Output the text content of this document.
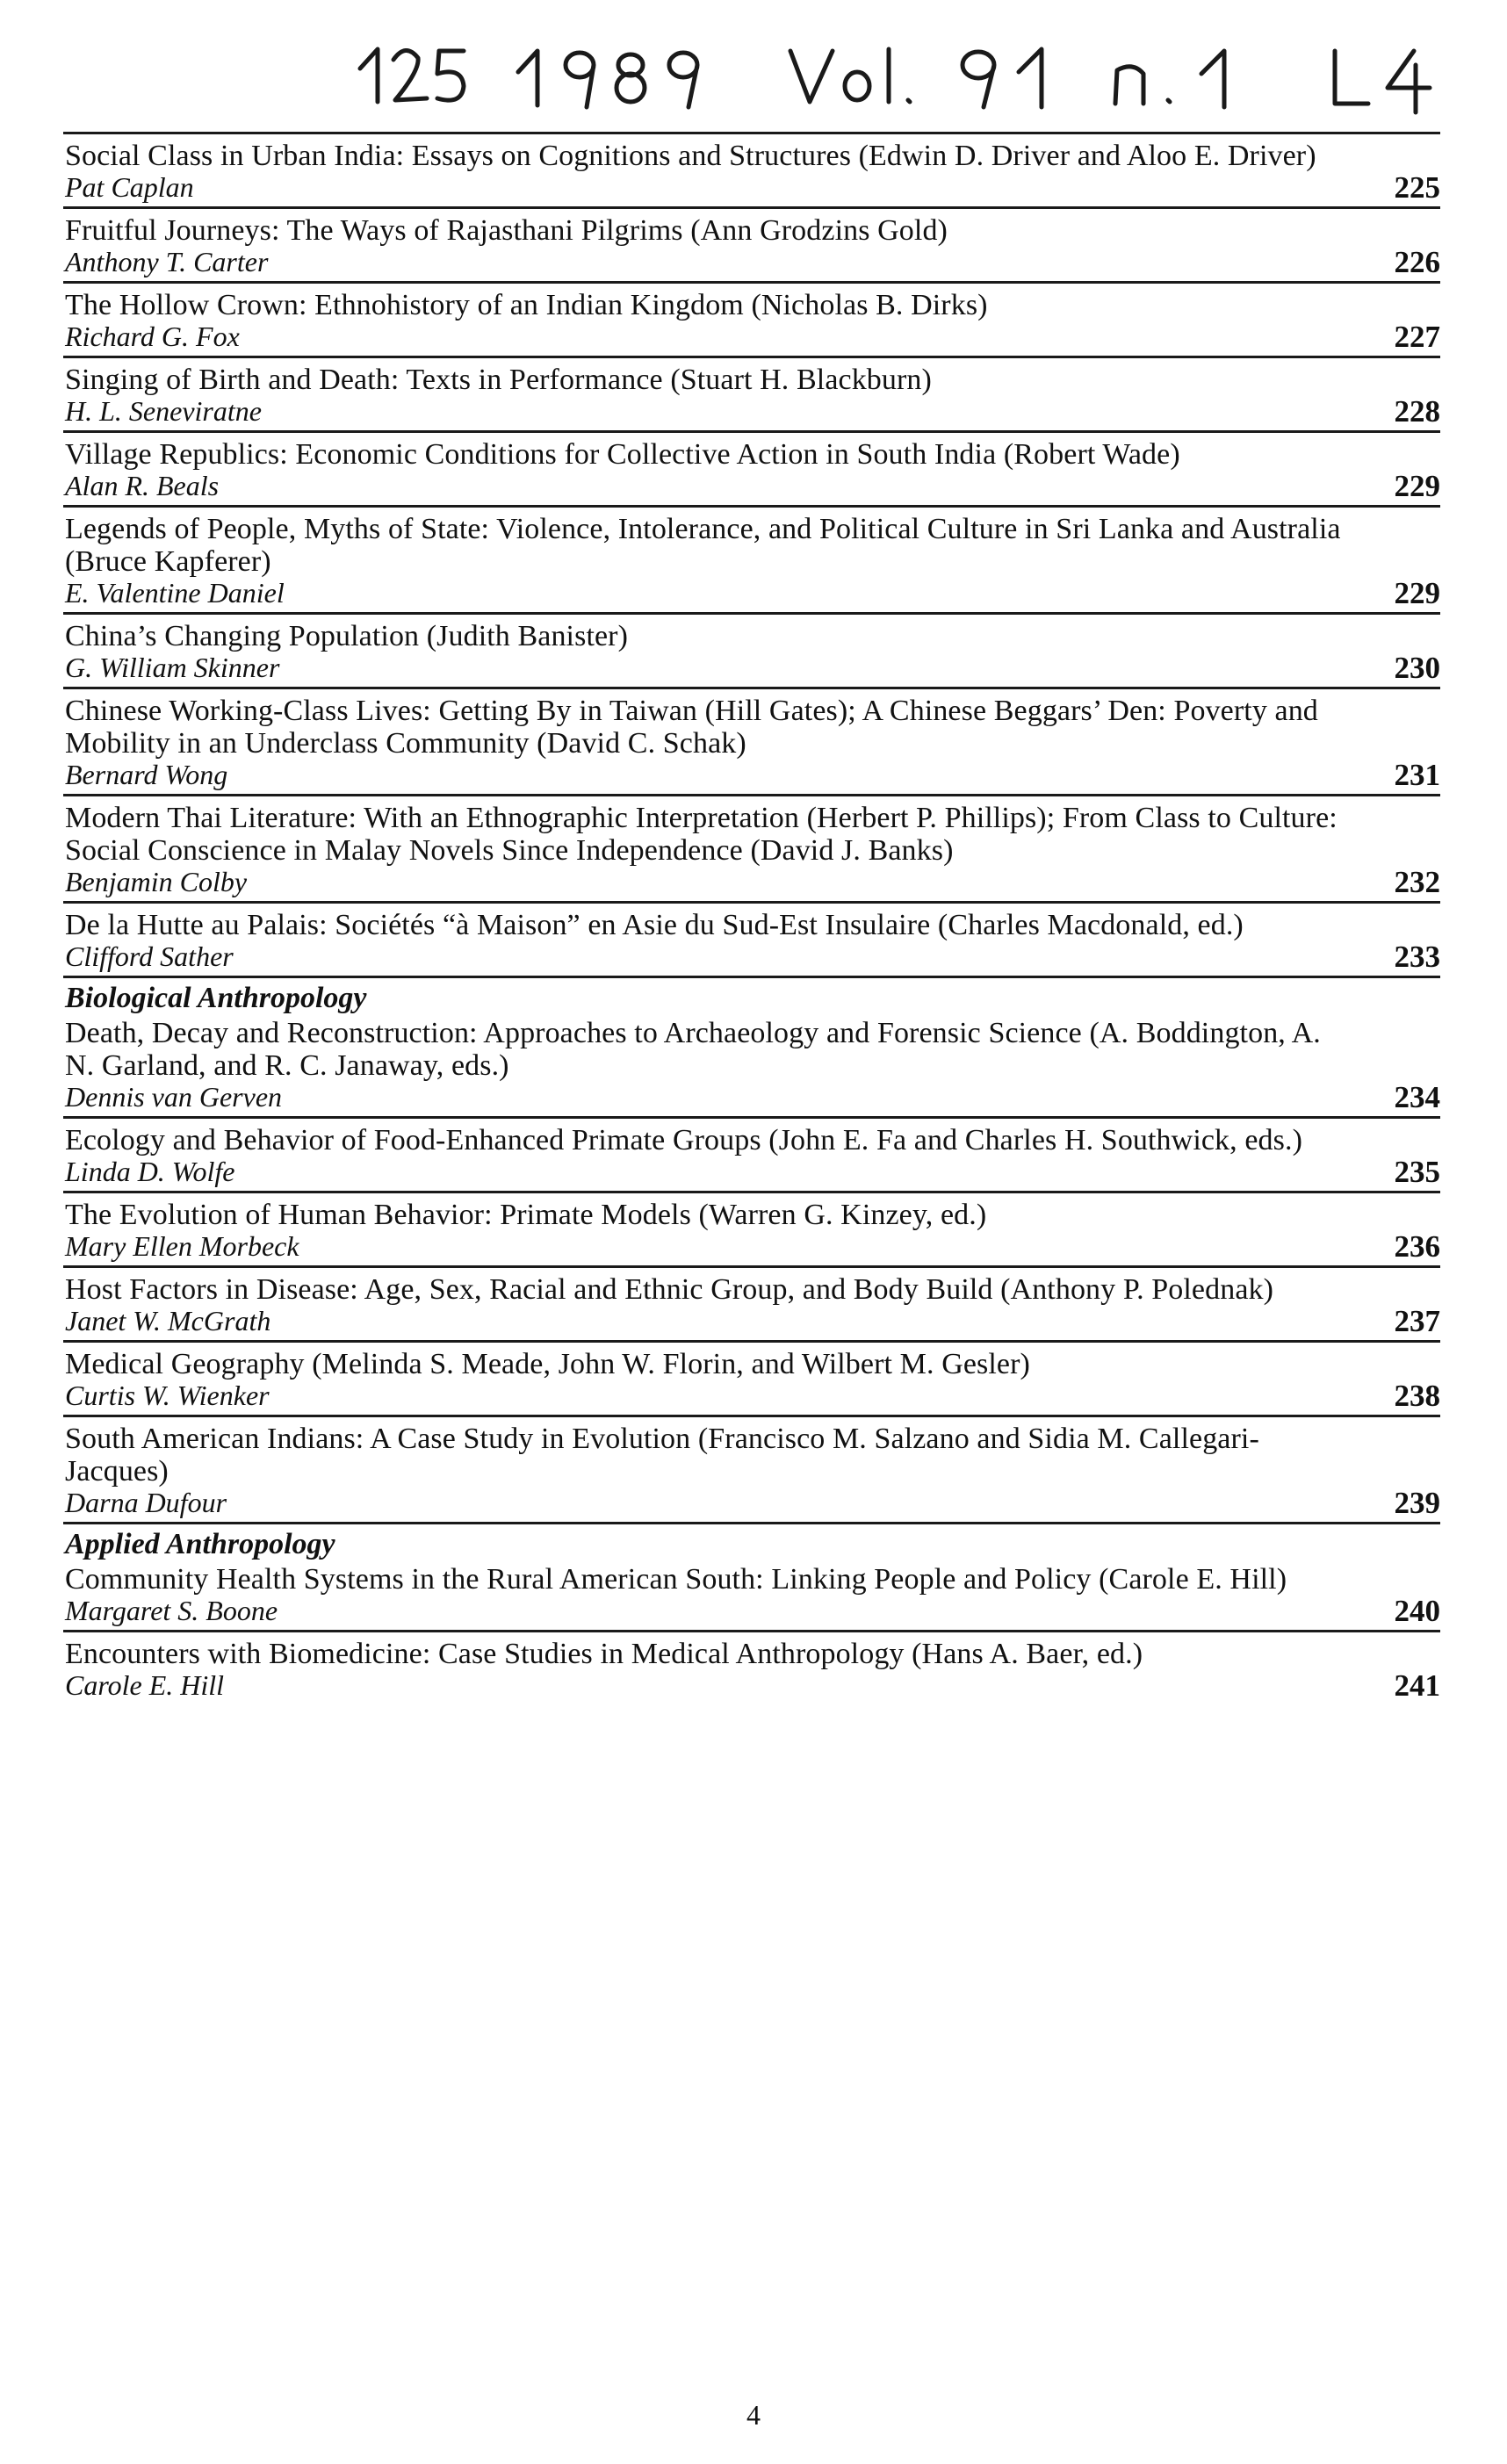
Social Class in Urban India: Essays on Cognitions and Structures (Edwin D. Driver and Aloo E. Driver)
Pat Caplan	225
Fruitful Journeys: The Ways of Rajasthani Pilgrims (Ann Grodzins Gold)
Anthony T. Carter	226
The Hollow Crown: Ethnohistory of an Indian Kingdom (Nicholas B. Dirks)
Richard G. Fox	227
Singing of Birth and Death: Texts in Performance (Stuart H. Blackburn)
H. L. Seneviratne	228
Village Republics: Economic Conditions for Collective Action in South India (Robert Wade)
Alan R. Beals	229
Legends of People, Myths of State: Violence, Intolerance, and Political Culture in Sri Lanka and Australia (Bruce Kapferer)
E. Valentine Daniel	229
China’s Changing Population (Judith Banister)
G. William Skinner	230
Chinese Working-Class Lives: Getting By in Taiwan (Hill Gates); A Chinese Beggars’ Den: Poverty and Mobility in an Underclass Community (David C. Schak)
Bernard Wong	231
Modern Thai Literature: With an Ethnographic Interpretation (Herbert P. Phillips); From Class to Culture: Social Conscience in Malay Novels Since Independence (David J. Banks)
Benjamin Colby	232
De la Hutte au Palais: Sociétés “à Maison” en Asie du Sud-Est Insulaire (Charles Macdonald, ed.)
Clifford Sather	233
Biological Anthropology
Death, Decay and Reconstruction: Approaches to Archaeology and Forensic Science (A. Boddington, A. N. Garland, and R. C. Janaway, eds.)
Dennis van Gerven	234
Ecology and Behavior of Food-Enhanced Primate Groups (John E. Fa and Charles H. Southwick, eds.)
Linda D. Wolfe	235
The Evolution of Human Behavior: Primate Models (Warren G. Kinzey, ed.)
Mary Ellen Morbeck	236
Host Factors in Disease: Age, Sex, Racial and Ethnic Group, and Body Build (Anthony P. Polednak)
Janet W. McGrath	237
Medical Geography (Melinda S. Meade, John W. Florin, and Wilbert M. Gesler)
Curtis W. Wienker	238
South American Indians: A Case Study in Evolution (Francisco M. Salzano and Sidia M. Callegari-Jacques)
Darna Dufour	239
Applied Anthropology
Community Health Systems in the Rural American South: Linking People and Policy (Carole E. Hill)
Margaret S. Boone	240
Encounters with Biomedicine: Case Studies in Medical Anthropology (Hans A. Baer, ed.)
Carole E. Hill	241
4
